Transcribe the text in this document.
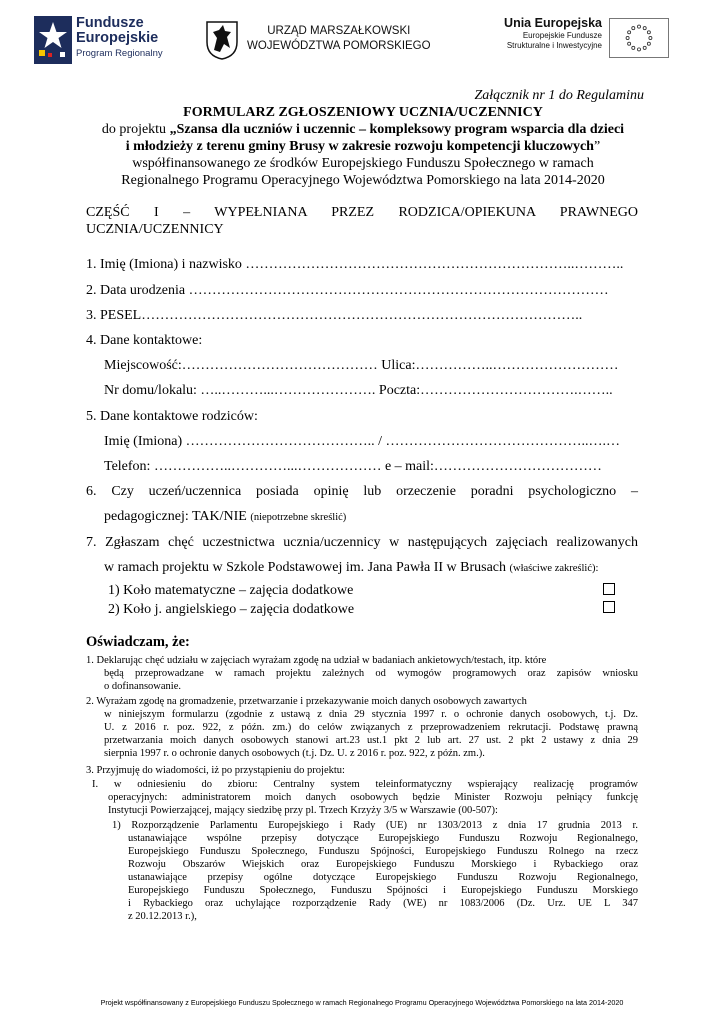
Fundusze
Europejskie
Program Regionalny
URZĄD MARSZAŁKOWSKI
WOJEWÓDZTWA POMORSKIEGO
Unia Europejska
Europejskie Fundusze
Strukturalne i Inwestycyjne
Załącznik nr 1 do Regulaminu
FORMULARZ ZGŁOSZENIOWY UCZNIA/UCZENNICY
do projektu „Szansa dla uczniów i uczennic – kompleksowy program wsparcia dla dzieci
i młodzieży z terenu gminy Brusy w zakresie rozwoju kompetencji kluczowych”
współfinansowanego ze środków Europejskiego Funduszu Społecznego w ramach
Regionalnego Programu Operacyjnego Województwa Pomorskiego na lata 2014-2020
CZĘŚĆ I – WYPEŁNIANA PRZEZ RODZICA/OPIEKUNA PRAWNEGO
UCZNIA/UCZENNICY
1. Imię (Imiona) i nazwisko ……………………………………………………………..………..
2. Data urodzenia ………………………………………………………………………………
3. PESEL…………………………………………………………………………………..
4. Dane kontaktowe:
Miejscowość:…………………………………… Ulica:……………..………………………
Nr domu/lokalu: …..………...…………………. Poczta:…………………………….……..
5. Dane kontaktowe rodziców:
Imię (Imiona) ………………………………….. / ……………………………………..….…
Telefon: ……………..…………...……………… e – mail:………………………………
6. Czy uczeń/uczennica posiada opinię lub orzeczenie poradni psychologiczno –
pedagogicznej: TAK/NIE (niepotrzebne skreślić)
7. Zgłaszam chęć uczestnictwa ucznia/uczennicy w następujących zajęciach realizowanych
w ramach projektu w Szkole Podstawowej im. Jana Pawła II w Brusach (właściwe zakreślić):
1) Koło matematyczne – zajęcia dodatkowe
2) Koło j. angielskiego – zajęcia dodatkowe
Oświadczam, że:
1. Deklarując chęć udziału w zajęciach wyrażam zgodę na udział w badaniach ankietowych/testach, itp. które
będą przeprowadzane w ramach projektu zależnych od wymogów programowych oraz zapisów wniosku
o dofinansowanie.
2. Wyrażam zgodę na gromadzenie, przetwarzanie i przekazywanie moich danych osobowych zawartych
w niniejszym formularzu (zgodnie z ustawą z dnia 29 stycznia 1997 r. o ochronie danych osobowych, t.j. Dz.
U. z 2016 r. poz. 922, z późn. zm.) do celów związanych z przeprowadzeniem rekrutacji. Podstawę prawną
przetwarzania moich danych osobowych stanowi art.23 ust.1 pkt 2 lub art. 27 ust. 2 pkt 2 ustawy z dnia 29
sierpnia 1997 r. o ochronie danych osobowych (t.j. Dz. U. z 2016 r. poz. 922, z późn. zm.).
3. Przyjmuję do wiadomości, iż po przystąpieniu do projektu:
I. w odniesieniu do zbioru: Centralny system teleinformatyczny wspierający realizację programów
operacyjnych: administratorem moich danych osobowych będzie Minister Rozwoju pełniący funkcję
Instytucji Powierzającej, mający siedzibę przy pl. Trzech Krzyży 3/5 w Warszawie (00-507):
1) Rozporządzenie Parlamentu Europejskiego i Rady (UE) nr 1303/2013 z dnia 17 grudnia 2013 r.
ustanawiające wspólne przepisy dotyczące Europejskiego Funduszu Rozwoju Regionalnego,
Europejskiego Funduszu Społecznego, Funduszu Spójności, Europejskiego Funduszu Rolnego na rzecz
Rozwoju Obszarów Wiejskich oraz Europejskiego Funduszu Morskiego i Rybackiego oraz
ustanawiające przepisy ogólne dotyczące Europejskiego Funduszu Rozwoju Regionalnego,
Europejskiego Funduszu Społecznego, Funduszu Spójności i Europejskiego Funduszu Morskiego
i Rybackiego oraz uchylające rozporządzenie Rady (WE) nr 1083/2006 (Dz. Urz. UE L 347
z 20.12.2013 r.),
Projekt współfinansowany z Europejskiego Funduszu Społecznego w ramach Regionalnego Programu Operacyjnego Województwa Pomorskiego na lata 2014-2020
